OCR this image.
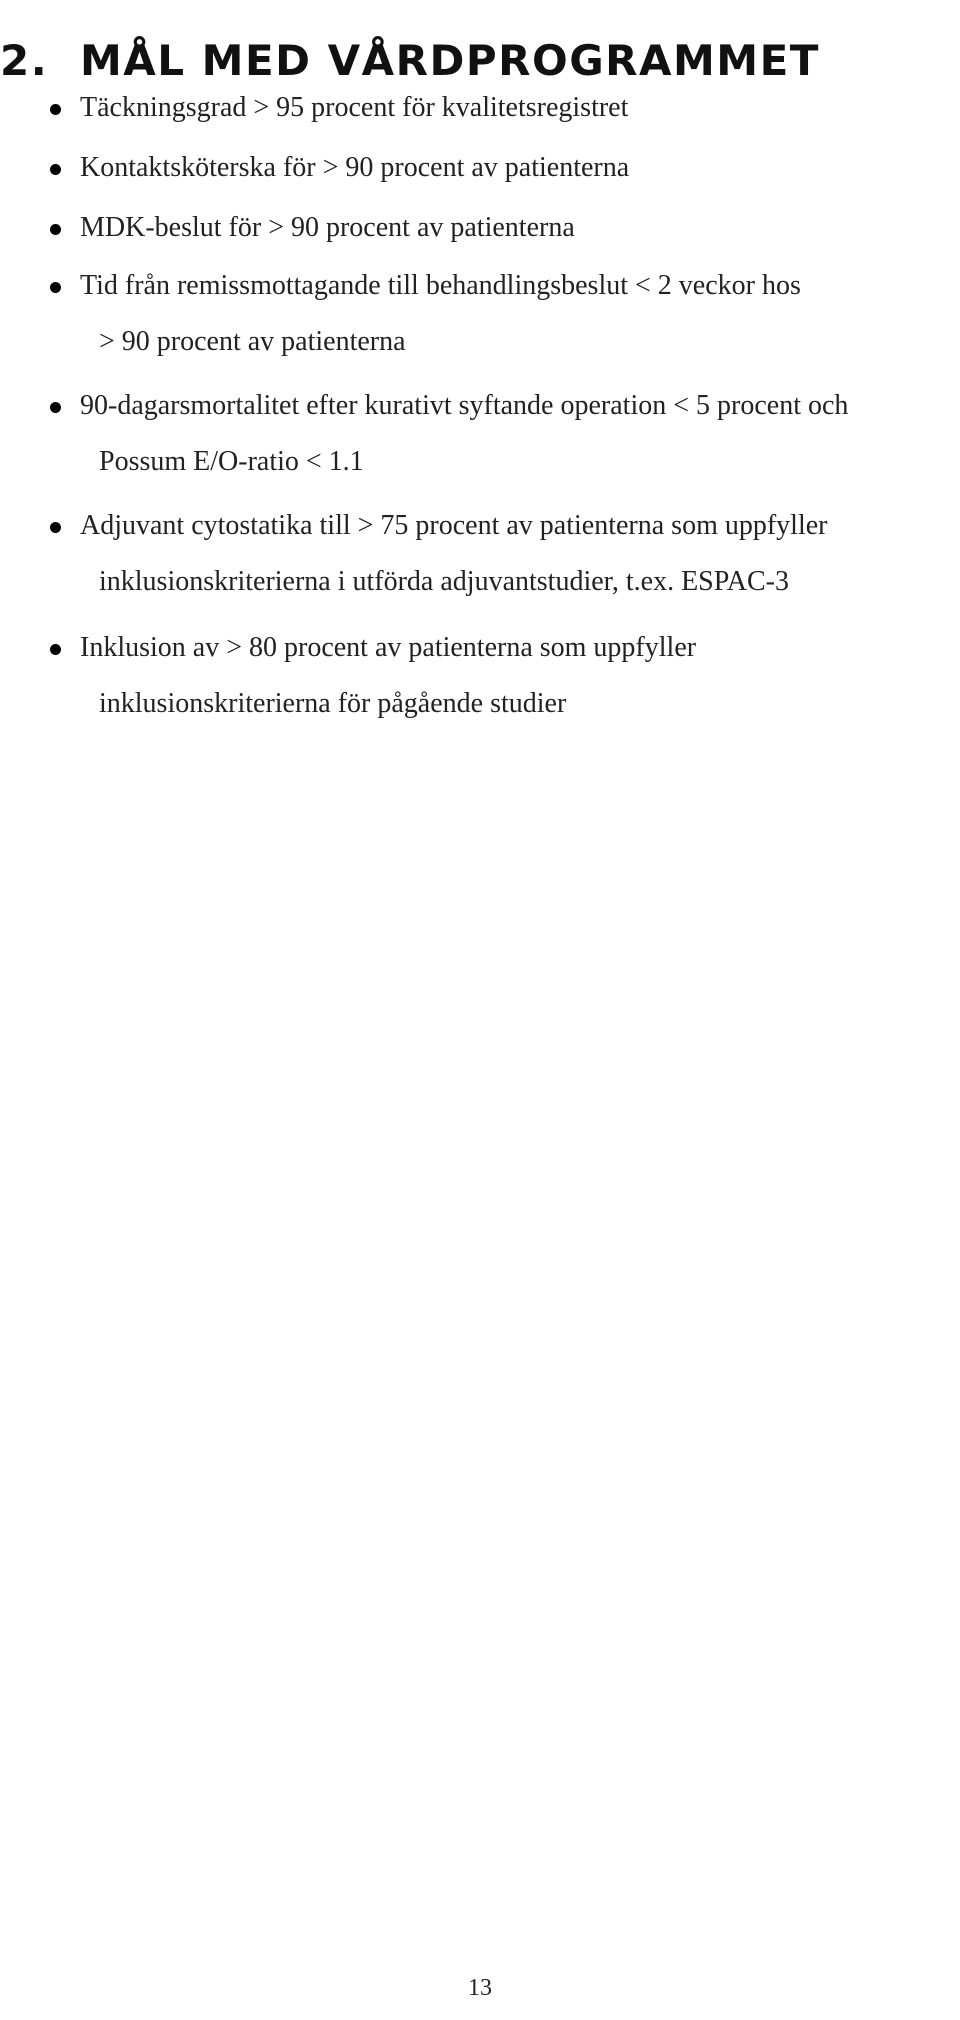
2. MÅL MED VÅRDPROGRAMMET
Täckningsgrad > 95 procent för kvalitetsregistret
Kontaktsköterska för > 90 procent av patienterna
MDK-beslut för > 90 procent av patienterna
Tid från remissmottagande till behandlingsbeslut < 2 veckor hos
> 90 procent av patienterna
90-dagarsmortalitet efter kurativt syftande operation < 5 procent och
Possum E/O-ratio < 1.1
Adjuvant cytostatika till > 75 procent av patienterna som uppfyller
inklusionskriterierna i utförda adjuvantstudier, t.ex. ESPAC-3
Inklusion av > 80 procent av patienterna som uppfyller
inklusionskriterierna för pågående studier
13
